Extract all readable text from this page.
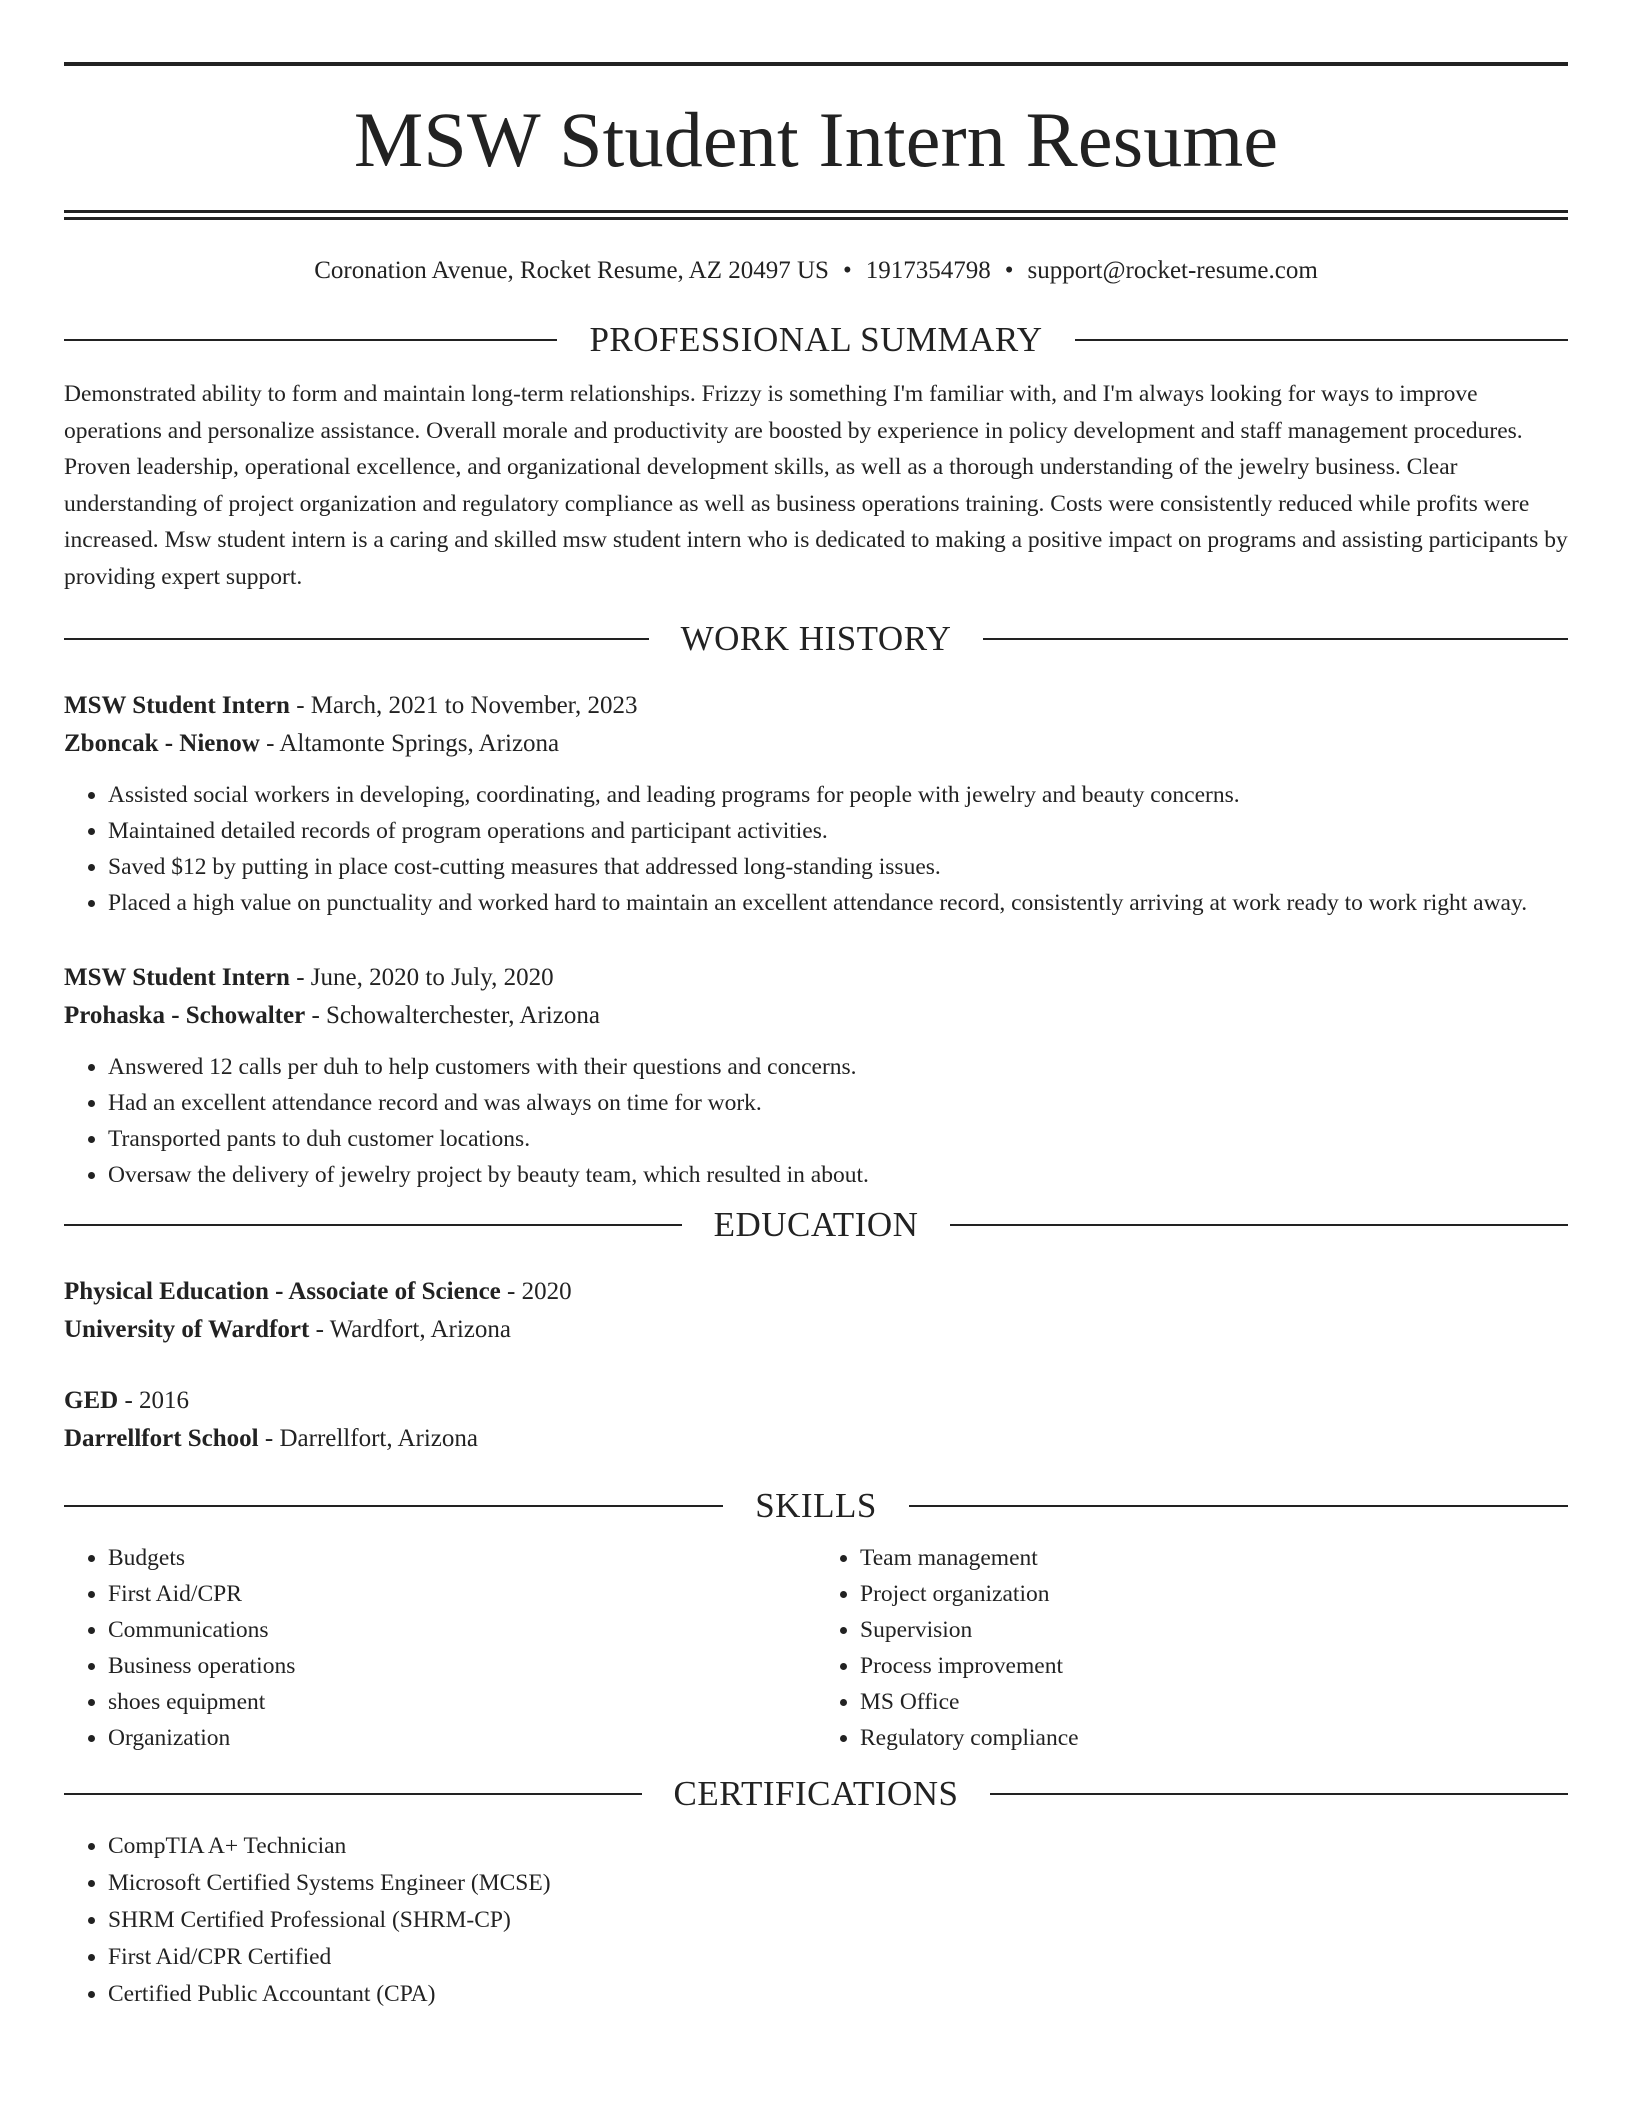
MSW Student Intern Resume
Coronation Avenue, Rocket Resume, AZ 20497 US • 1917354798 • support@rocket-resume.com
PROFESSIONAL SUMMARY

Demonstrated ability to form and maintain long-term relationships. Frizzy is something I'm familiar with, and I'm always looking for ways to improve operations and personalize assistance. Overall morale and productivity are boosted by experience in policy development and staff management procedures. Proven leadership, operational excellence, and organizational development skills, as well as a thorough understanding of the jewelry business. Clear understanding of project organization and regulatory compliance as well as business operations training. Costs were consistently reduced while profits were increased. Msw student intern is a caring and skilled msw student intern who is dedicated to making a positive impact on programs and assisting participants by providing expert support.

WORK HISTORY
MSW Student Intern - March, 2021 to November, 2023
Zboncak - Nienow - Altamonte Springs, Arizona
• Assisted social workers in developing, coordinating, and leading programs for people with jewelry and beauty concerns.
• Maintained detailed records of program operations and participant activities.
• Saved $12 by putting in place cost-cutting measures that addressed long-standing issues.
• Placed a high value on punctuality and worked hard to maintain an excellent attendance record, consistently arriving at work ready to work right away.
MSW Student Intern - June, 2020 to July, 2020
Prohaska - Schowalter - Schowalterchester, Arizona
• Answered 12 calls per duh to help customers with their questions and concerns.
• Had an excellent attendance record and was always on time for work.
• Transported pants to duh customer locations.
• Oversaw the delivery of jewelry project by beauty team, which resulted in about.
EDUCATION
Physical Education - Associate of Science - 2020
University of Wardfort - Wardfort, Arizona
GED - 2016
Darrellfort School - Darrellfort, Arizona
SKILLS
• Budgets
• First Aid/CPR
• Communications
• Business operations
• shoes equipment
• Organization
• Team management
• Project organization
• Supervision
• Process improvement
• MS Office
• Regulatory compliance
CERTIFICATIONS
• CompTIA A+ Technician
• Microsoft Certified Systems Engineer (MCSE)
• SHRM Certified Professional (SHRM-CP)
• First Aid/CPR Certified
• Certified Public Accountant (CPA)
